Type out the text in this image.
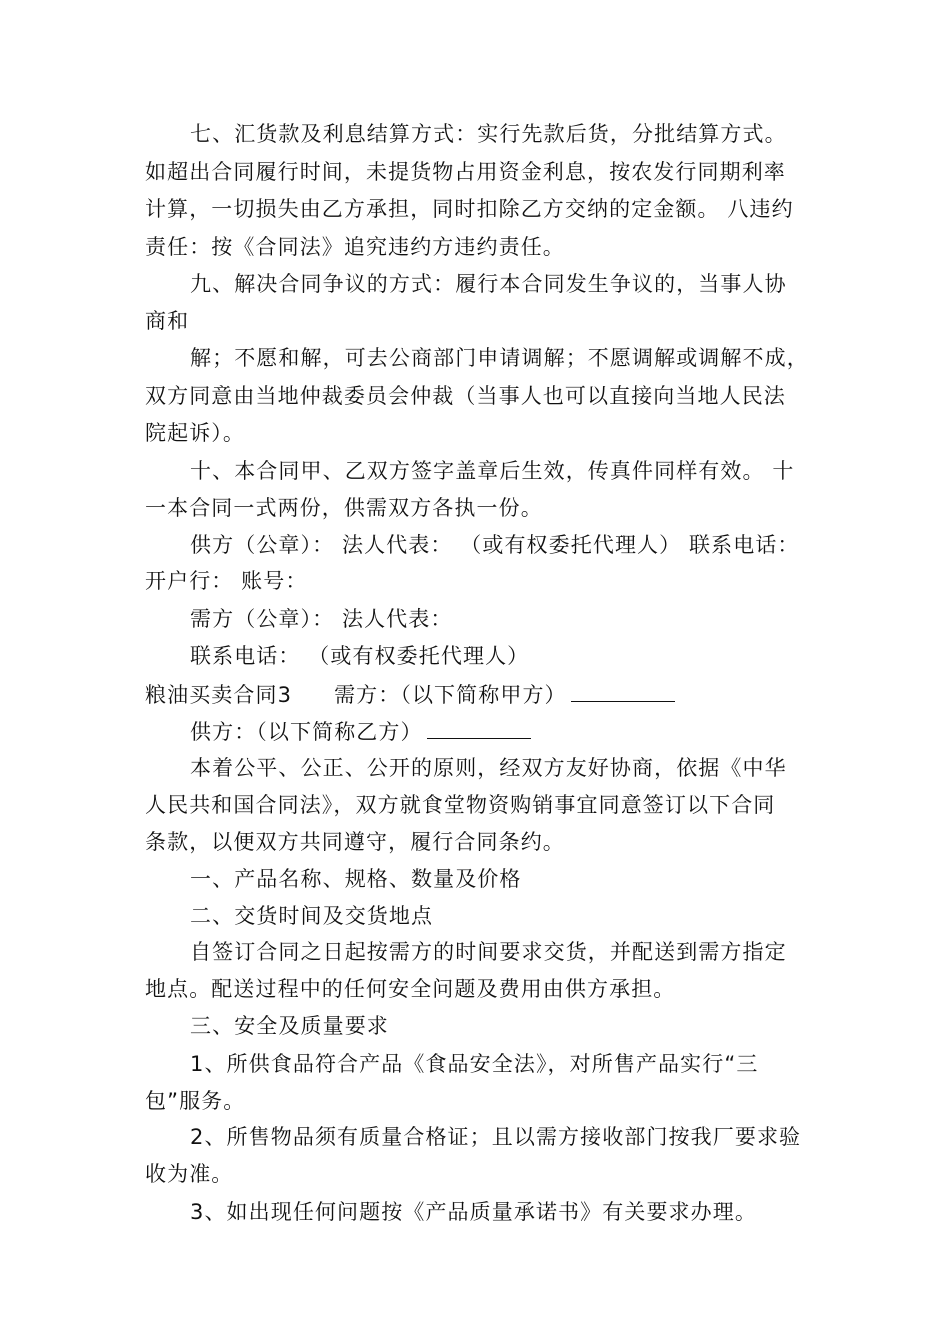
七、汇货款及利息结算方式：实行先款后货，分批结算方式。
如超出合同履行时间，未提货物占用资金利息，按农发行同期利率
计算，一切损失由乙方承担，同时扣除乙方交纳的定金额。 八违约
责任：按《合同法》追究违约方违约责任。
九、解决合同争议的方式：履行本合同发生争议的，当事人协
商和
解；不愿和解，可去公商部门申请调解；不愿调解或调解不成，
双方同意由当地仲裁委员会仲裁（当事人也可以直接向当地人民法
院起诉）。
十、本合同甲、乙双方签字盖章后生效，传真件同样有效。 十
一本合同一式两份，供需双方各执一份。
供方（公章）： 法人代表： （或有权委托代理人） 联系电话：
开户行： 账号：
需方（公章）： 法人代表：
联系电话： （或有权委托代理人）
粮油买卖合同3 需方：（以下简称甲方）
供方：（以下简称乙方）
本着公平、公正、公开的原则，经双方友好协商，依据《中华
人民共和国合同法》，双方就食堂物资购销事宜同意签订以下合同
条款，以便双方共同遵守，履行合同条约。
一、产品名称、规格、数量及价格
二、交货时间及交货地点
自签订合同之日起按需方的时间要求交货，并配送到需方指定
地点。配送过程中的任何安全问题及费用由供方承担。
三、安全及质量要求
1、所供食品符合产品《食品安全法》，对所售产品实行“三
包”服务。
2、所售物品须有质量合格证；且以需方接收部门按我厂要求验
收为准。
3、如出现任何问题按《产品质量承诺书》有关要求办理。
